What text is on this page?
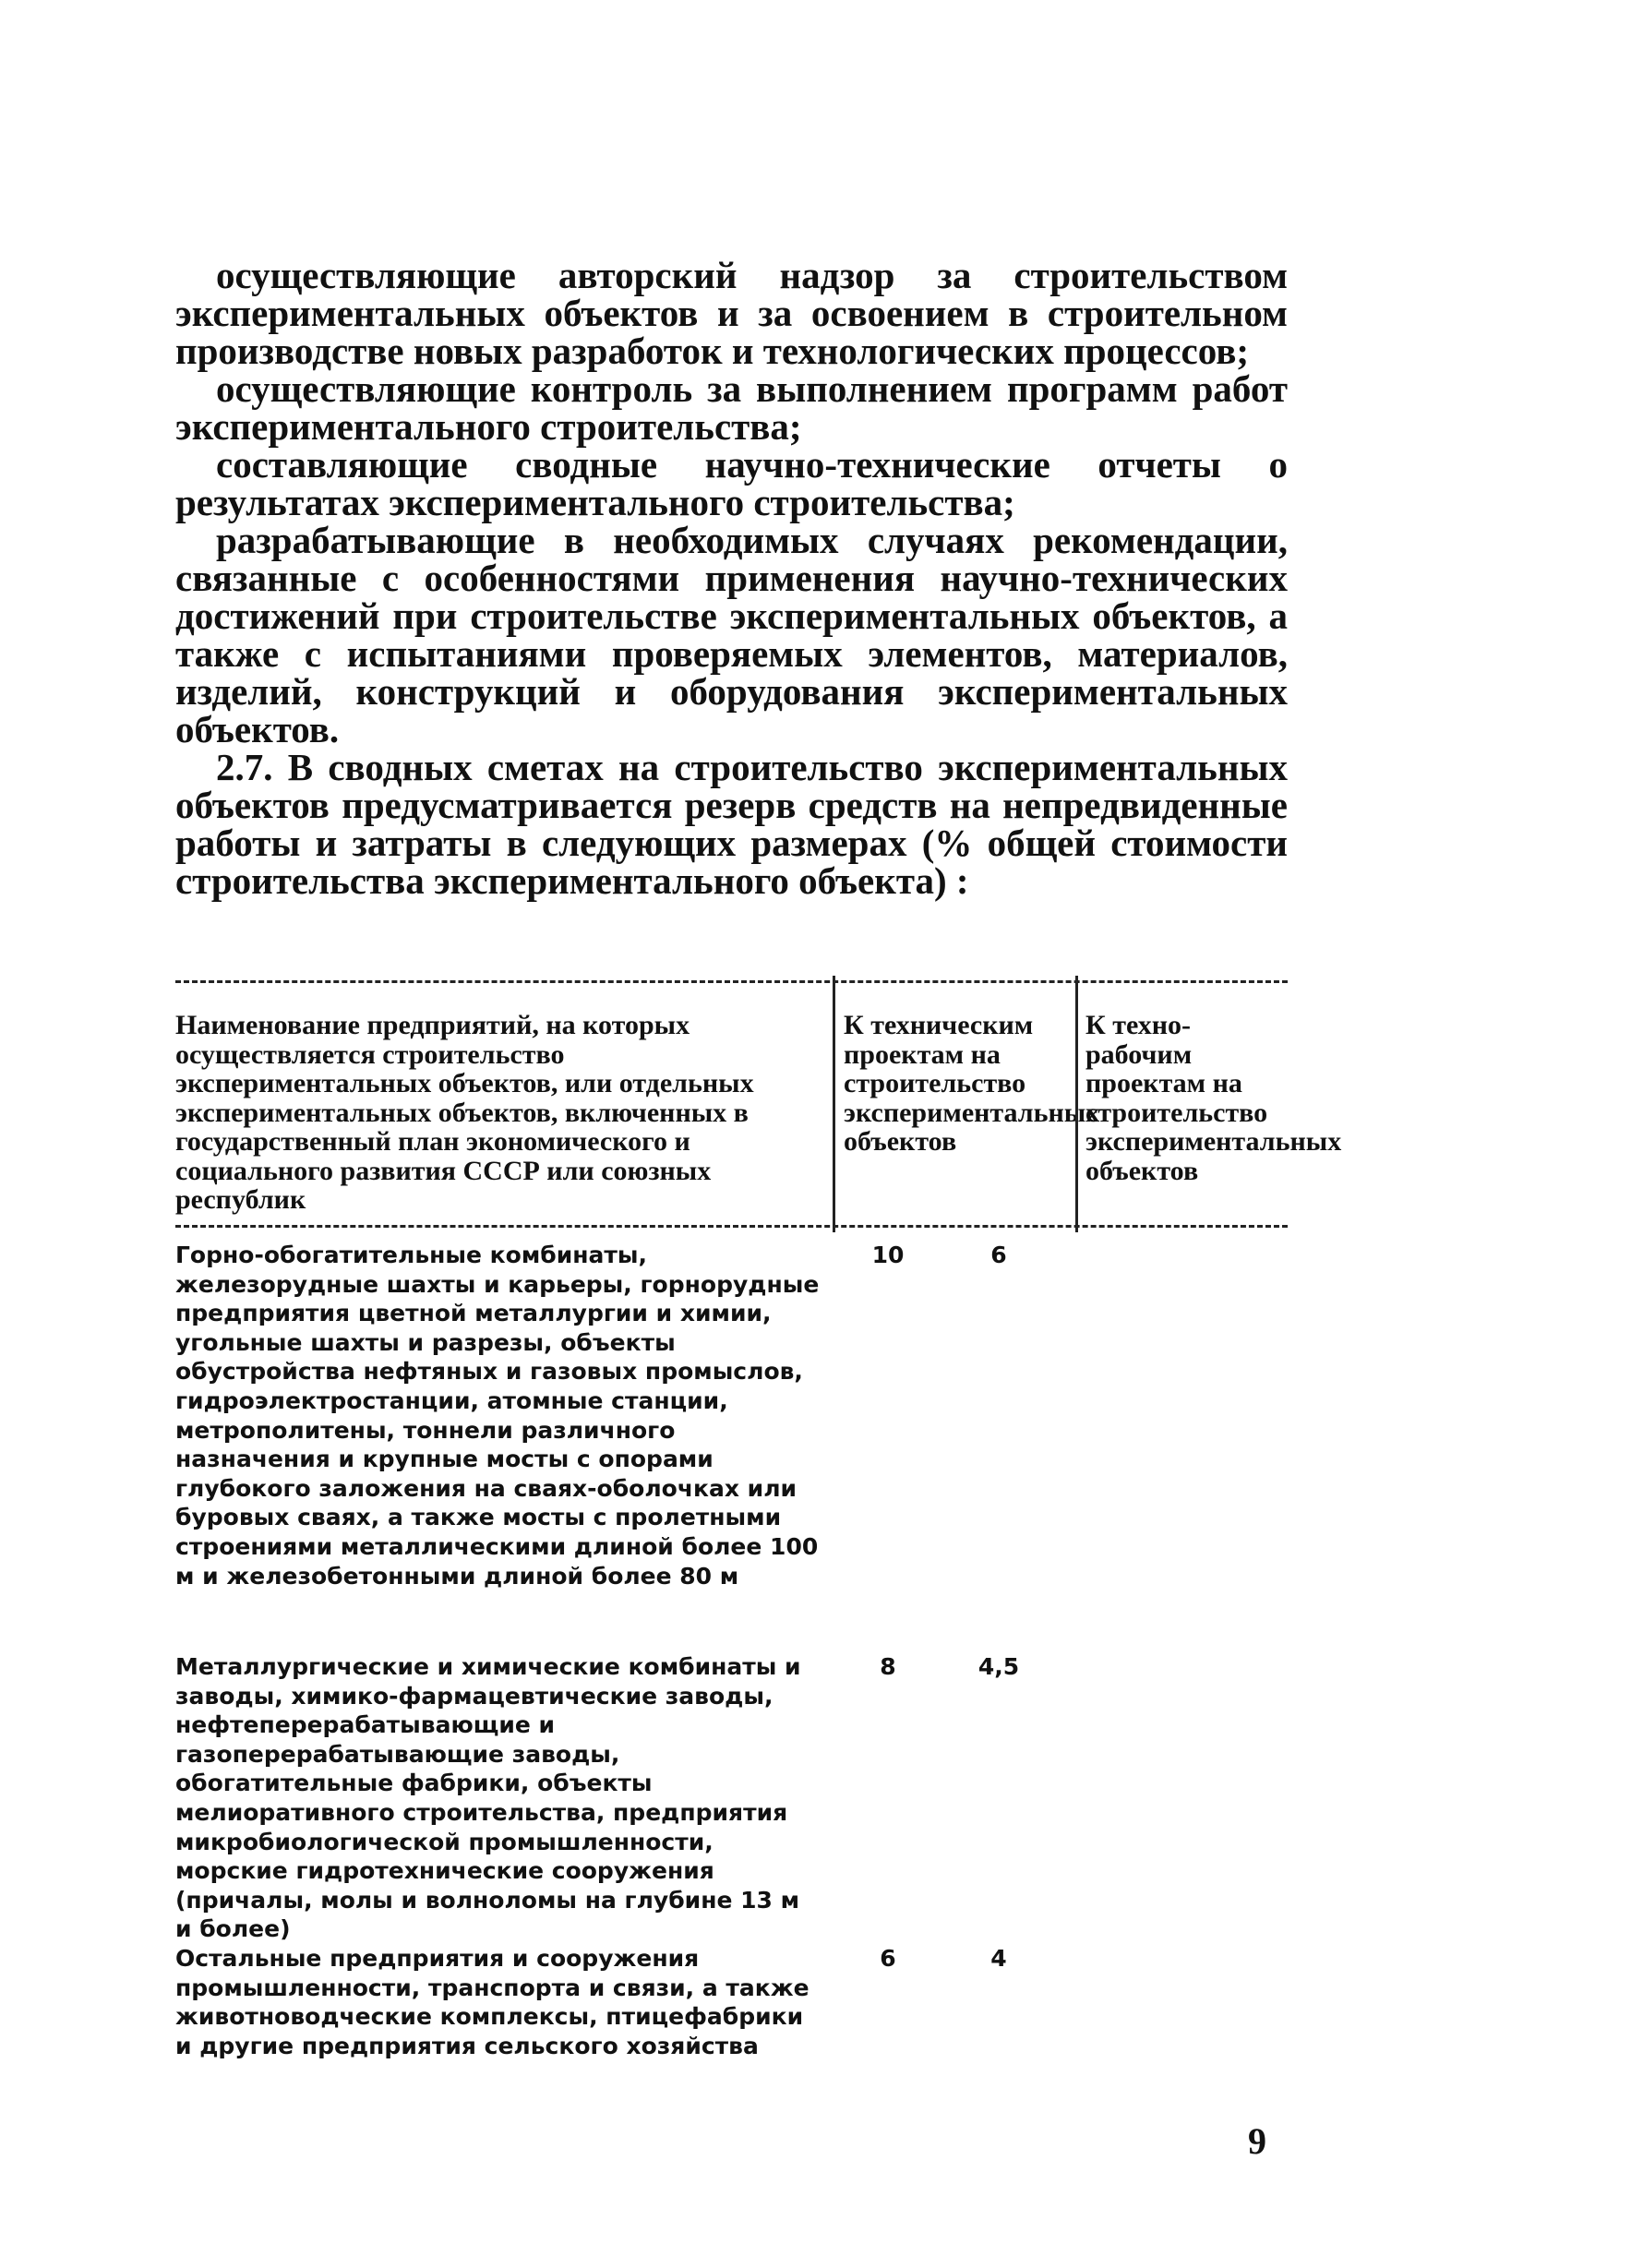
осуществляющие авторский надзор за строительством экспериментальных объектов и за освоением в строительном производстве новых разработок и технологических процессов;

осуществляющие контроль за выполнением программ работ экспериментального строительства;

составляющие сводные научно-технические отчеты о результатах экспериментального строительства;

разрабатывающие в необходимых случаях рекомендации, связанные с особенностями применения научно-технических достижений при строительстве экспериментальных объектов, а также с испытаниями проверяемых элементов, материалов, изделий, конструкций и оборудования экспериментальных объектов.

2.7. В сводных сметах на строительство экспериментальных объектов предусматривается резерв средств на непредвиденные работы и затраты в следующих размерах (% общей стоимости строительства экспериментального объекта) :

Наименование предприятий, на которых осуществляется строительство экспериментальных объектов, или отдельных экспериментальных объектов, включенных в государственный план экономического и социального развития СССР или союзных республик
К техническим проектам на строительство экспериментальных объектов
К техно-рабочим проектам на строительство экспериментальных объектов
Горно-обогатительные комбинаты, железорудные шахты и карьеры, горнорудные предприятия цветной металлургии и химии, угольные шахты и разрезы, объекты обустройства нефтяных и газовых промыслов, гидроэлектростанции, атомные станции, метрополитены, тоннели различного назначения и крупные мосты с опорами глубокого заложения на сваях-оболочках или буровых сваях, а также мосты с пролетными строениями металлическими длиной более 100 м и железобетонными длиной более 80 м
10	6
Металлургические и химические комбинаты и заводы, химико-фармацевтические заводы, нефтеперерабатывающие и газоперерабатывающие заводы, обогатительные фабрики, объекты мелиоративного строительства, предприятия микробиологической промышленности, морские гидротехнические сооружения (причалы, молы и волноломы на глубине 13 м и более)
8	4,5
Остальные предприятия и сооружения промышленности, транспорта и связи, а также животноводческие комплексы, птицефабрики и другие предприятия сельского хозяйства
6	4
9
